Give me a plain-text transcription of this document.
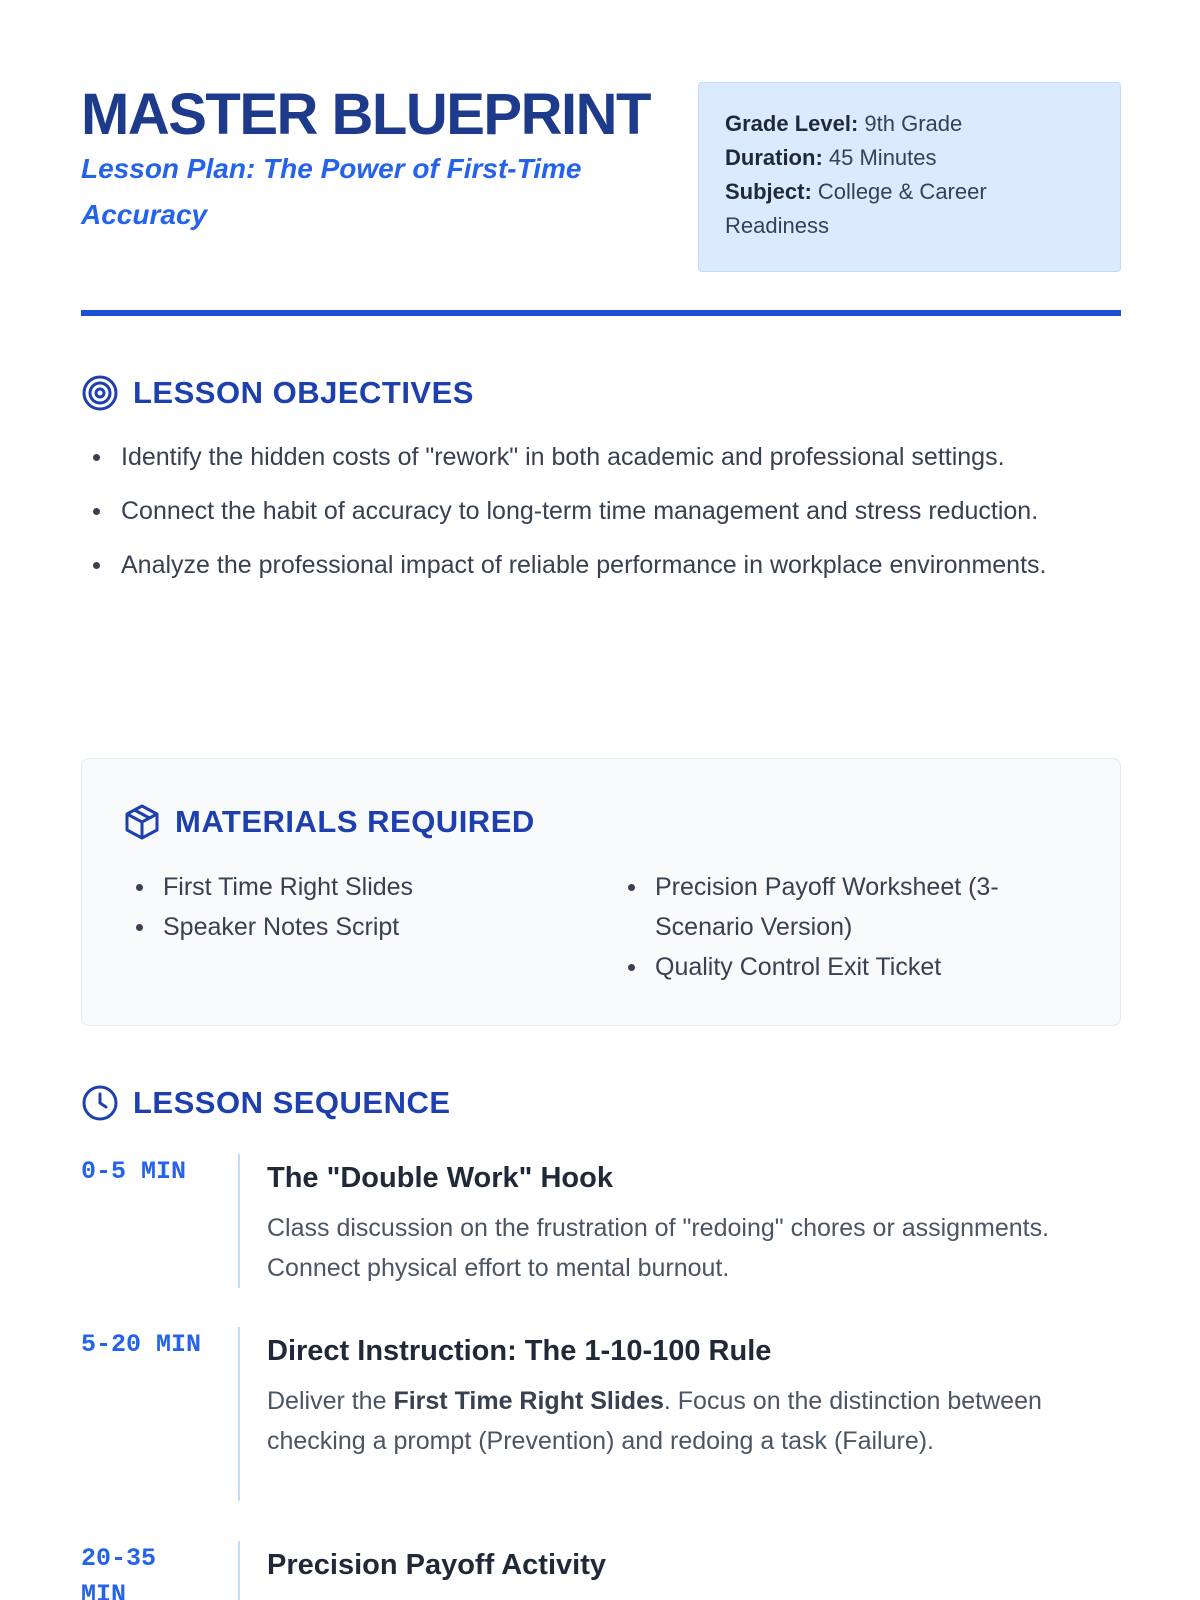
MASTER BLUEPRINT
Lesson Plan: The Power of First-Time Accuracy
Grade Level: 9th Grade
Duration: 45 Minutes
Subject: College & Career Readiness
LESSON OBJECTIVES
Identify the hidden costs of "rework" in both academic and professional settings.
Connect the habit of accuracy to long-term time management and stress reduction.
Analyze the professional impact of reliable performance in workplace environments.
MATERIALS REQUIRED
First Time Right Slides
Speaker Notes Script
Precision Payoff Worksheet (3-Scenario Version)
Quality Control Exit Ticket
LESSON SEQUENCE
0-5 MIN	The "Double Work" Hook
Class discussion on the frustration of "redoing" chores or assignments. Connect physical effort to mental burnout.
5-20 MIN	Direct Instruction: The 1-10-100 Rule
Deliver the First Time Right Slides. Focus on the distinction between checking a prompt (Prevention) and redoing a task (Failure).
20-35 MIN
Precision Payoff Activity
